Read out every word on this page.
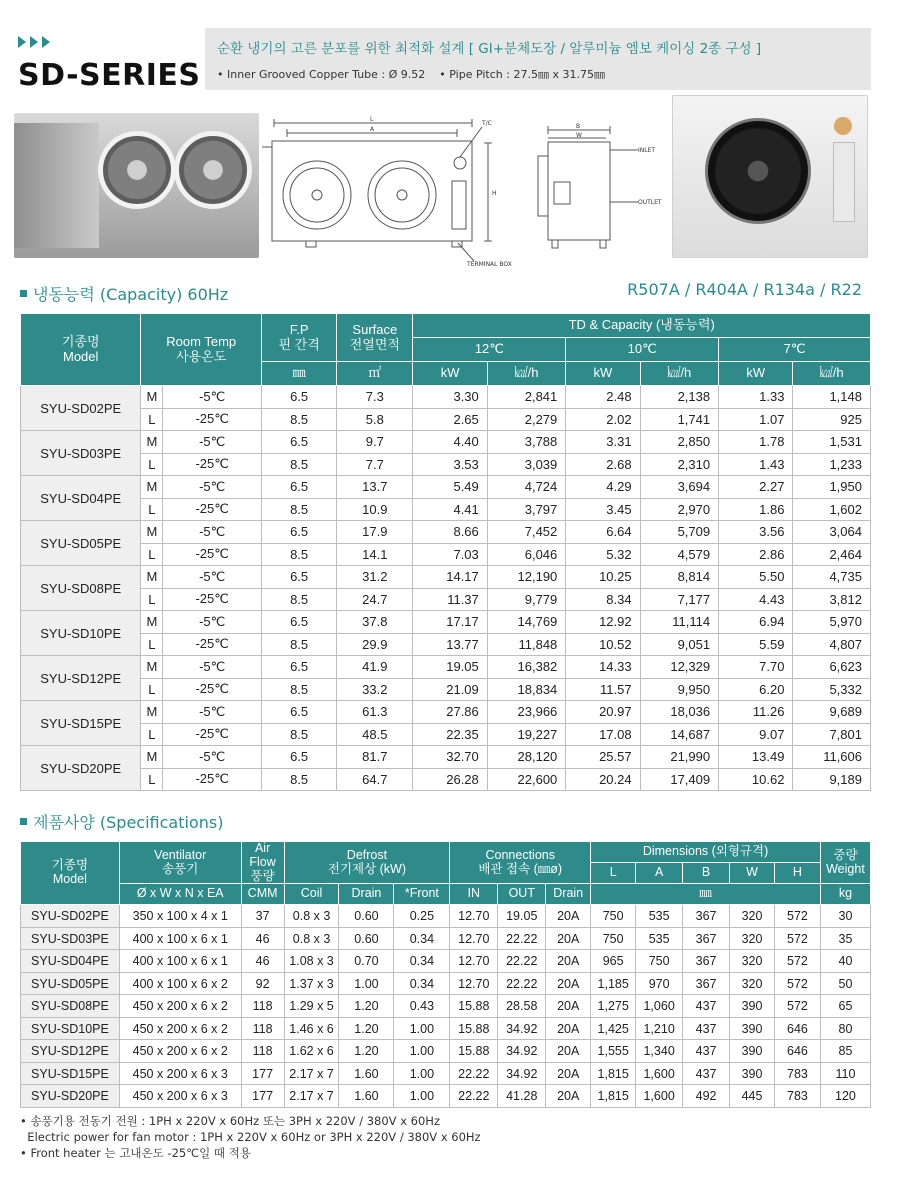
SD-SERIES
순환 냉기의 고른 분포를 위한 최적화 설계 [ GI+분체도장 / 알루미늄 엠보 케이싱 2종 구성 ]
• Inner Grooved Copper Tube : Ø 9.52 • Pipe Pitch : 27.5㎜ x 31.75㎜
L
A
T/C
H
TERMINAL BOX
B
W
INLET
OUTLET
냉동능력 (Capacity) 60Hz	R507A / R404A / R134a / R22
기종명
Model	Room Temp
사용온도		F.P
핀 간격	Surface
전열면적	TD & Capacity (냉동능력)					
					12℃		10℃		7℃	
			㎜	㎡	kW	㎉/h	kW	㎉/h	kW	㎉/h
SYU-SD02PE	M	-5℃	6.5	7.3	3.30	2,841	2.48	2,138	1.33	1,148
	L	-25℃	8.5	5.8	2.65	2,279	2.02	1,741	1.07	925
SYU-SD03PE	M	-5℃	6.5	9.7	4.40	3,788	3.31	2,850	1.78	1,531
	L	-25℃	8.5	7.7	3.53	3,039	2.68	2,310	1.43	1,233
SYU-SD04PE	M	-5℃	6.5	13.7	5.49	4,724	4.29	3,694	2.27	1,950
	L	-25℃	8.5	10.9	4.41	3,797	3.45	2,970	1.86	1,602
SYU-SD05PE	M	-5℃	6.5	17.9	8.66	7,452	6.64	5,709	3.56	3,064
	L	-25℃	8.5	14.1	7.03	6,046	5.32	4,579	2.86	2,464
SYU-SD08PE	M	-5℃	6.5	31.2	14.17	12,190	10.25	8,814	5.50	4,735
	L	-25℃	8.5	24.7	11.37	9,779	8.34	7,177	4.43	3,812
SYU-SD10PE	M	-5℃	6.5	37.8	17.17	14,769	12.92	11,114	6.94	5,970
	L	-25℃	8.5	29.9	13.77	11,848	10.52	9,051	5.59	4,807
SYU-SD12PE	M	-5℃	6.5	41.9	19.05	16,382	14.33	12,329	7.70	6,623
	L	-25℃	8.5	33.2	21.09	18,834	11.57	9,950	6.20	5,332
SYU-SD15PE	M	-5℃	6.5	61.3	27.86	23,966	20.97	18,036	11.26	9,689
	L	-25℃	8.5	48.5	22.35	19,227	17.08	14,687	9.07	7,801
SYU-SD20PE	M	-5℃	6.5	81.7	32.70	28,120	25.57	21,990	13.49	11,606
	L	-25℃	8.5	64.7	26.28	22,600	20.24	17,409	10.62	9,189
제품사양 (Specifications)
기종명
Model	Ventilator
송풍기	Air Flow
풍량	Defrost
전기제상 (kW)			Connections
배관 접속 (㎜ø)			Dimensions (외형규격)					중량
Weight
									L	A	B	W	H	
	Ø x W x N x EA	CMM	Coil	Drain	*Front	IN	OUT	Drain	㎜					kg
SYU-SD02PE	350 x 100 x 4 x 1	37	0.8 x 3	0.60	0.25	12.70	19.05	20A	750	535	367	320	572	30
SYU-SD03PE	400 x 100 x 6 x 1	46	0.8 x 3	0.60	0.34	12.70	22.22	20A	750	535	367	320	572	35
SYU-SD04PE	400 x 100 x 6 x 1	46	1.08 x 3	0.70	0.34	12.70	22.22	20A	965	750	367	320	572	40
SYU-SD05PE	400 x 100 x 6 x 2	92	1.37 x 3	1.00	0.34	12.70	22.22	20A	1,185	970	367	320	572	50
SYU-SD08PE	450 x 200 x 6 x 2	118	1.29 x 5	1.20	0.43	15.88	28.58	20A	1,275	1,060	437	390	572	65
SYU-SD10PE	450 x 200 x 6 x 2	118	1.46 x 6	1.20	1.00	15.88	34.92	20A	1,425	1,210	437	390	646	80
SYU-SD12PE	450 x 200 x 6 x 2	118	1.62 x 6	1.20	1.00	15.88	34.92	20A	1,555	1,340	437	390	646	85
SYU-SD15PE	450 x 200 x 6 x 3	177	2.17 x 7	1.60	1.00	22.22	34.92	20A	1,815	1,600	437	390	783	110
SYU-SD20PE	450 x 200 x 6 x 3	177	2.17 x 7	1.60	1.00	22.22	41.28	20A	1,815	1,600	492	445	783	120
• 송풍기용 전동기 전원 : 1PH x 220V x 60Hz 또는 3PH x 220V / 380V x 60Hz
Electric power for fan motor : 1PH x 220V x 60Hz or 3PH x 220V / 380V x 60Hz
• Front heater 는 고내온도 -25℃일 때 적용
